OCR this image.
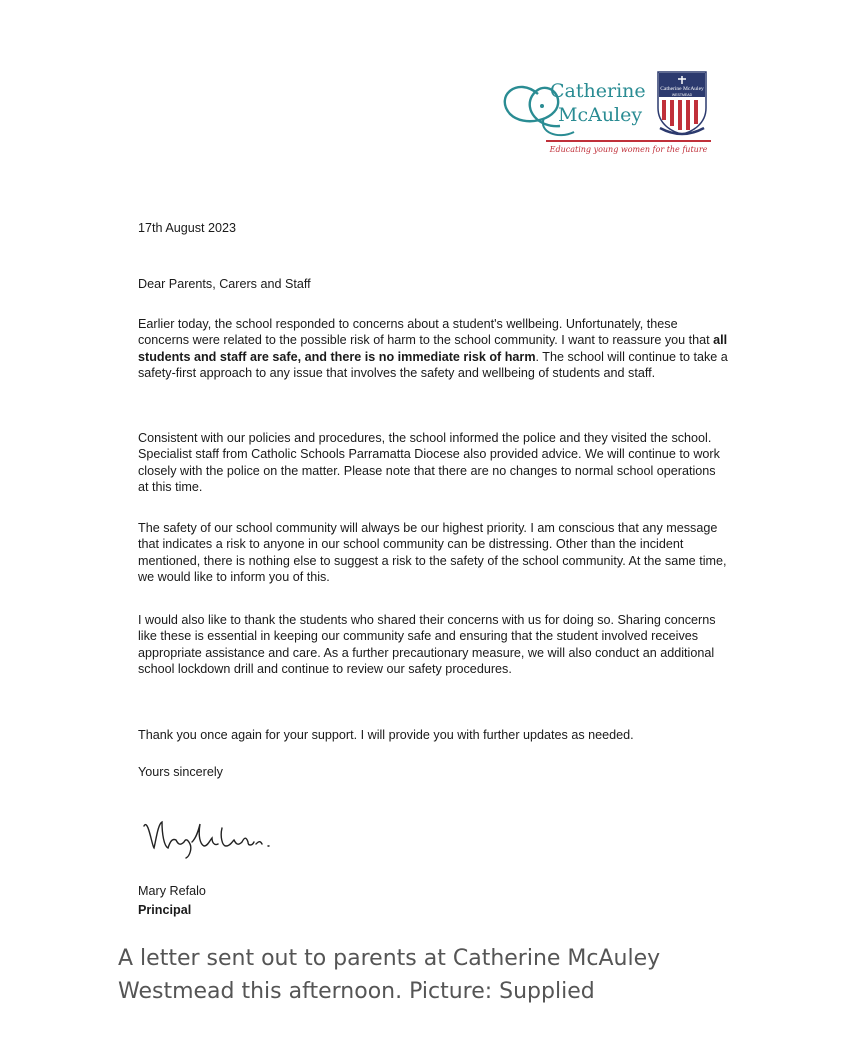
Catherine
McAuley
Catherine McAuley
WESTMEAD
Educating young women for the future
17th August 2023
Dear Parents, Carers and Staff

Earlier today, the school responded to concerns about a student's wellbeing. Unfortunately, these concerns were related to the possible risk of harm to the school community. I want to reassure you that all students and staff are safe, and there is no immediate risk of harm. The school will continue to take a safety-first approach to any issue that involves the safety and wellbeing of students and staff.

Consistent with our policies and procedures, the school informed the police and they visited the school. Specialist staff from Catholic Schools Parramatta Diocese also provided advice. We will continue to work closely with the police on the matter. Please note that there are no changes to normal school operations at this time.

The safety of our school community will always be our highest priority. I am conscious that any message that indicates a risk to anyone in our school community can be distressing. Other than the incident mentioned, there is nothing else to suggest a risk to the safety of the school community. At the same time, we would like to inform you of this.

I would also like to thank the students who shared their concerns with us for doing so. Sharing concerns like these is essential in keeping our community safe and ensuring that the student involved receives appropriate assistance and care. As a further precautionary measure, we will also conduct an additional school lockdown drill and continue to review our safety procedures.

Thank you once again for your support. I will provide you with further updates as needed.

Yours sincerely
Mary Refalo
Principal
A letter sent out to parents at Catherine McAuley Westmead this afternoon. Picture: Supplied
